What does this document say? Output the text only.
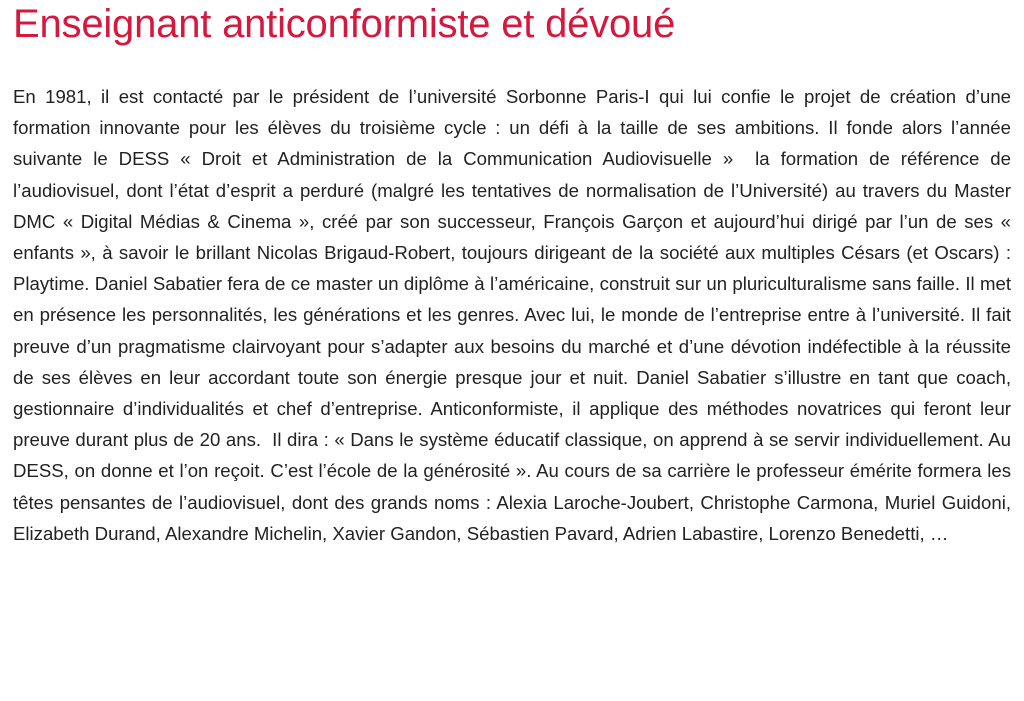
Enseignant anticonformiste et dévoué

En 1981, il est contacté par le président de l’université Sorbonne Paris-I qui lui confie le projet de création d’une formation innovante pour les élèves du troisième cycle : un défi à la taille de ses ambitions. Il fonde alors l’année suivante le DESS « Droit et Administration de la Communication Audiovisuelle »  la formation de référence de l’audiovisuel, dont l’état d’esprit a perduré (malgré les tentatives de normalisation de l’Université) au travers du Master DMC « Digital Médias & Cinema », créé par son successeur, François Garçon et aujourd’hui dirigé par l’un de ses « enfants », à savoir le brillant Nicolas Brigaud-Robert, toujours dirigeant de la société aux multiples Césars (et Oscars) : Playtime. Daniel Sabatier fera de ce master un diplôme à l’américaine, construit sur un pluriculturalisme sans faille. Il met en présence les personnalités, les générations et les genres. Avec lui, le monde de l’entreprise entre à l’université. Il fait preuve d’un pragmatisme clairvoyant pour s’adapter aux besoins du marché et d’une dévotion indéfectible à la réussite de ses élèves en leur accordant toute son énergie presque jour et nuit. Daniel Sabatier s’illustre en tant que coach, gestionnaire d’individualités et chef d’entreprise. Anticonformiste, il applique des méthodes novatrices qui feront leur preuve durant plus de 20 ans.  Il dira : « Dans le système éducatif classique, on apprend à se servir individuellement. Au DESS, on donne et l’on reçoit. C’est l’école de la générosité ». Au cours de sa carrière le professeur émérite formera les têtes pensantes de l’audiovisuel, dont des grands noms : Alexia Laroche-Joubert, Christophe Carmona, Muriel Guidoni, Elizabeth Durand, Alexandre Michelin, Xavier Gandon, Sébastien Pavard, Adrien Labastire, Lorenzo Benedetti, …
